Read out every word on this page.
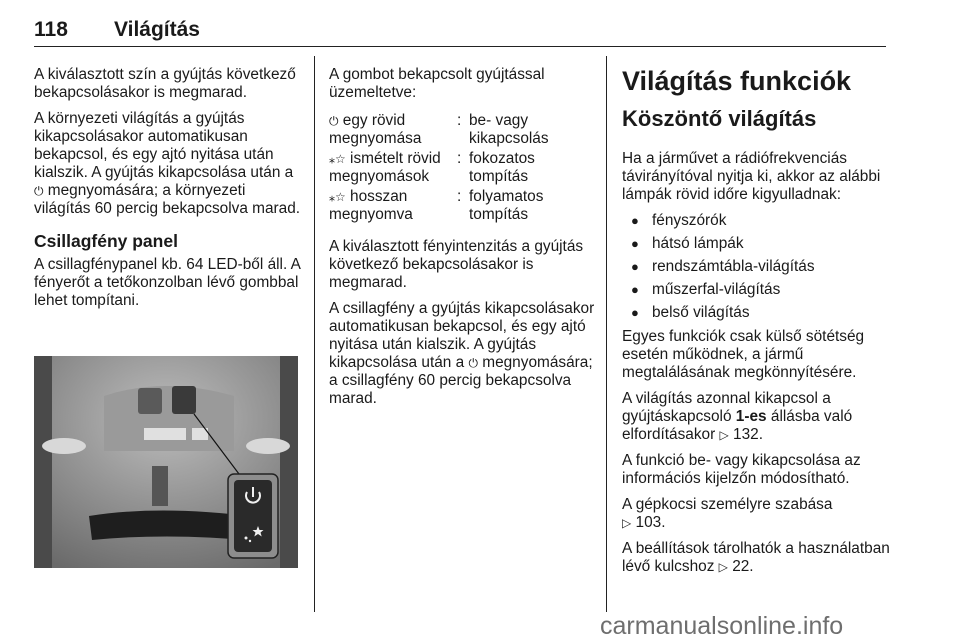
118 Világítás

A kiválasztott szín a gyújtás következő bekapcsolásakor is megmarad.

A környezeti világítás a gyújtás kikapcsolásakor automatikusan bekapcsol, és egy ajtó nyitása után kialszik. A gyújtás kikapcsolása után a ⏻ megnyomására; a környezeti világítás 60 percig bekapcsolva marad.

Csillagfény panel

A csillagfénypanel kb. 64 LED-ből áll. A fényerőt a tetőkonzolban lévő gombbal lehet tompítani.

A gombot bekapcsolt gyújtással üzemeltetve:

⏻ egy rövid megnyomása
: be- vagy kikapcsolás
⁎☆ ismételt rövid megnyomások
: fokozatos tompítás
⁎☆ hosszan megnyomva
: folyamatos tompítás

A kiválasztott fényintenzitás a gyújtás következő bekapcsolásakor is megmarad.

A csillagfény a gyújtás kikapcsolásakor automatikusan bekapcsol, és egy ajtó nyitása után kialszik. A gyújtás kikapcsolása után a ⏻ megnyomására; a csillagfény 60 percig bekapcsolva marad.

Világítás funkciók
Köszöntő világítás

Ha a járművet a rádiófrekvenciás távirányítóval nyitja ki, akkor az alábbi lámpák rövid időre kigyulladnak:

● fényszórók
● hátsó lámpák
● rendszámtábla-világítás
● műszerfal-világítás
● belső világítás

Egyes funkciók csak külső sötétség esetén működnek, a jármű megtalálásának megkönnyítésére.

A világítás azonnal kikapcsol a gyújtáskapcsoló 1-es állásba való elfordításakor ▷ 132.

A funkció be- vagy kikapcsolása az információs kijelzőn módosítható.

A gépkocsi személyre szabása
▷ 103.

A beállítások tárolhatók a használatban lévő kulcshoz ▷ 22.

carmanualsonline.info
